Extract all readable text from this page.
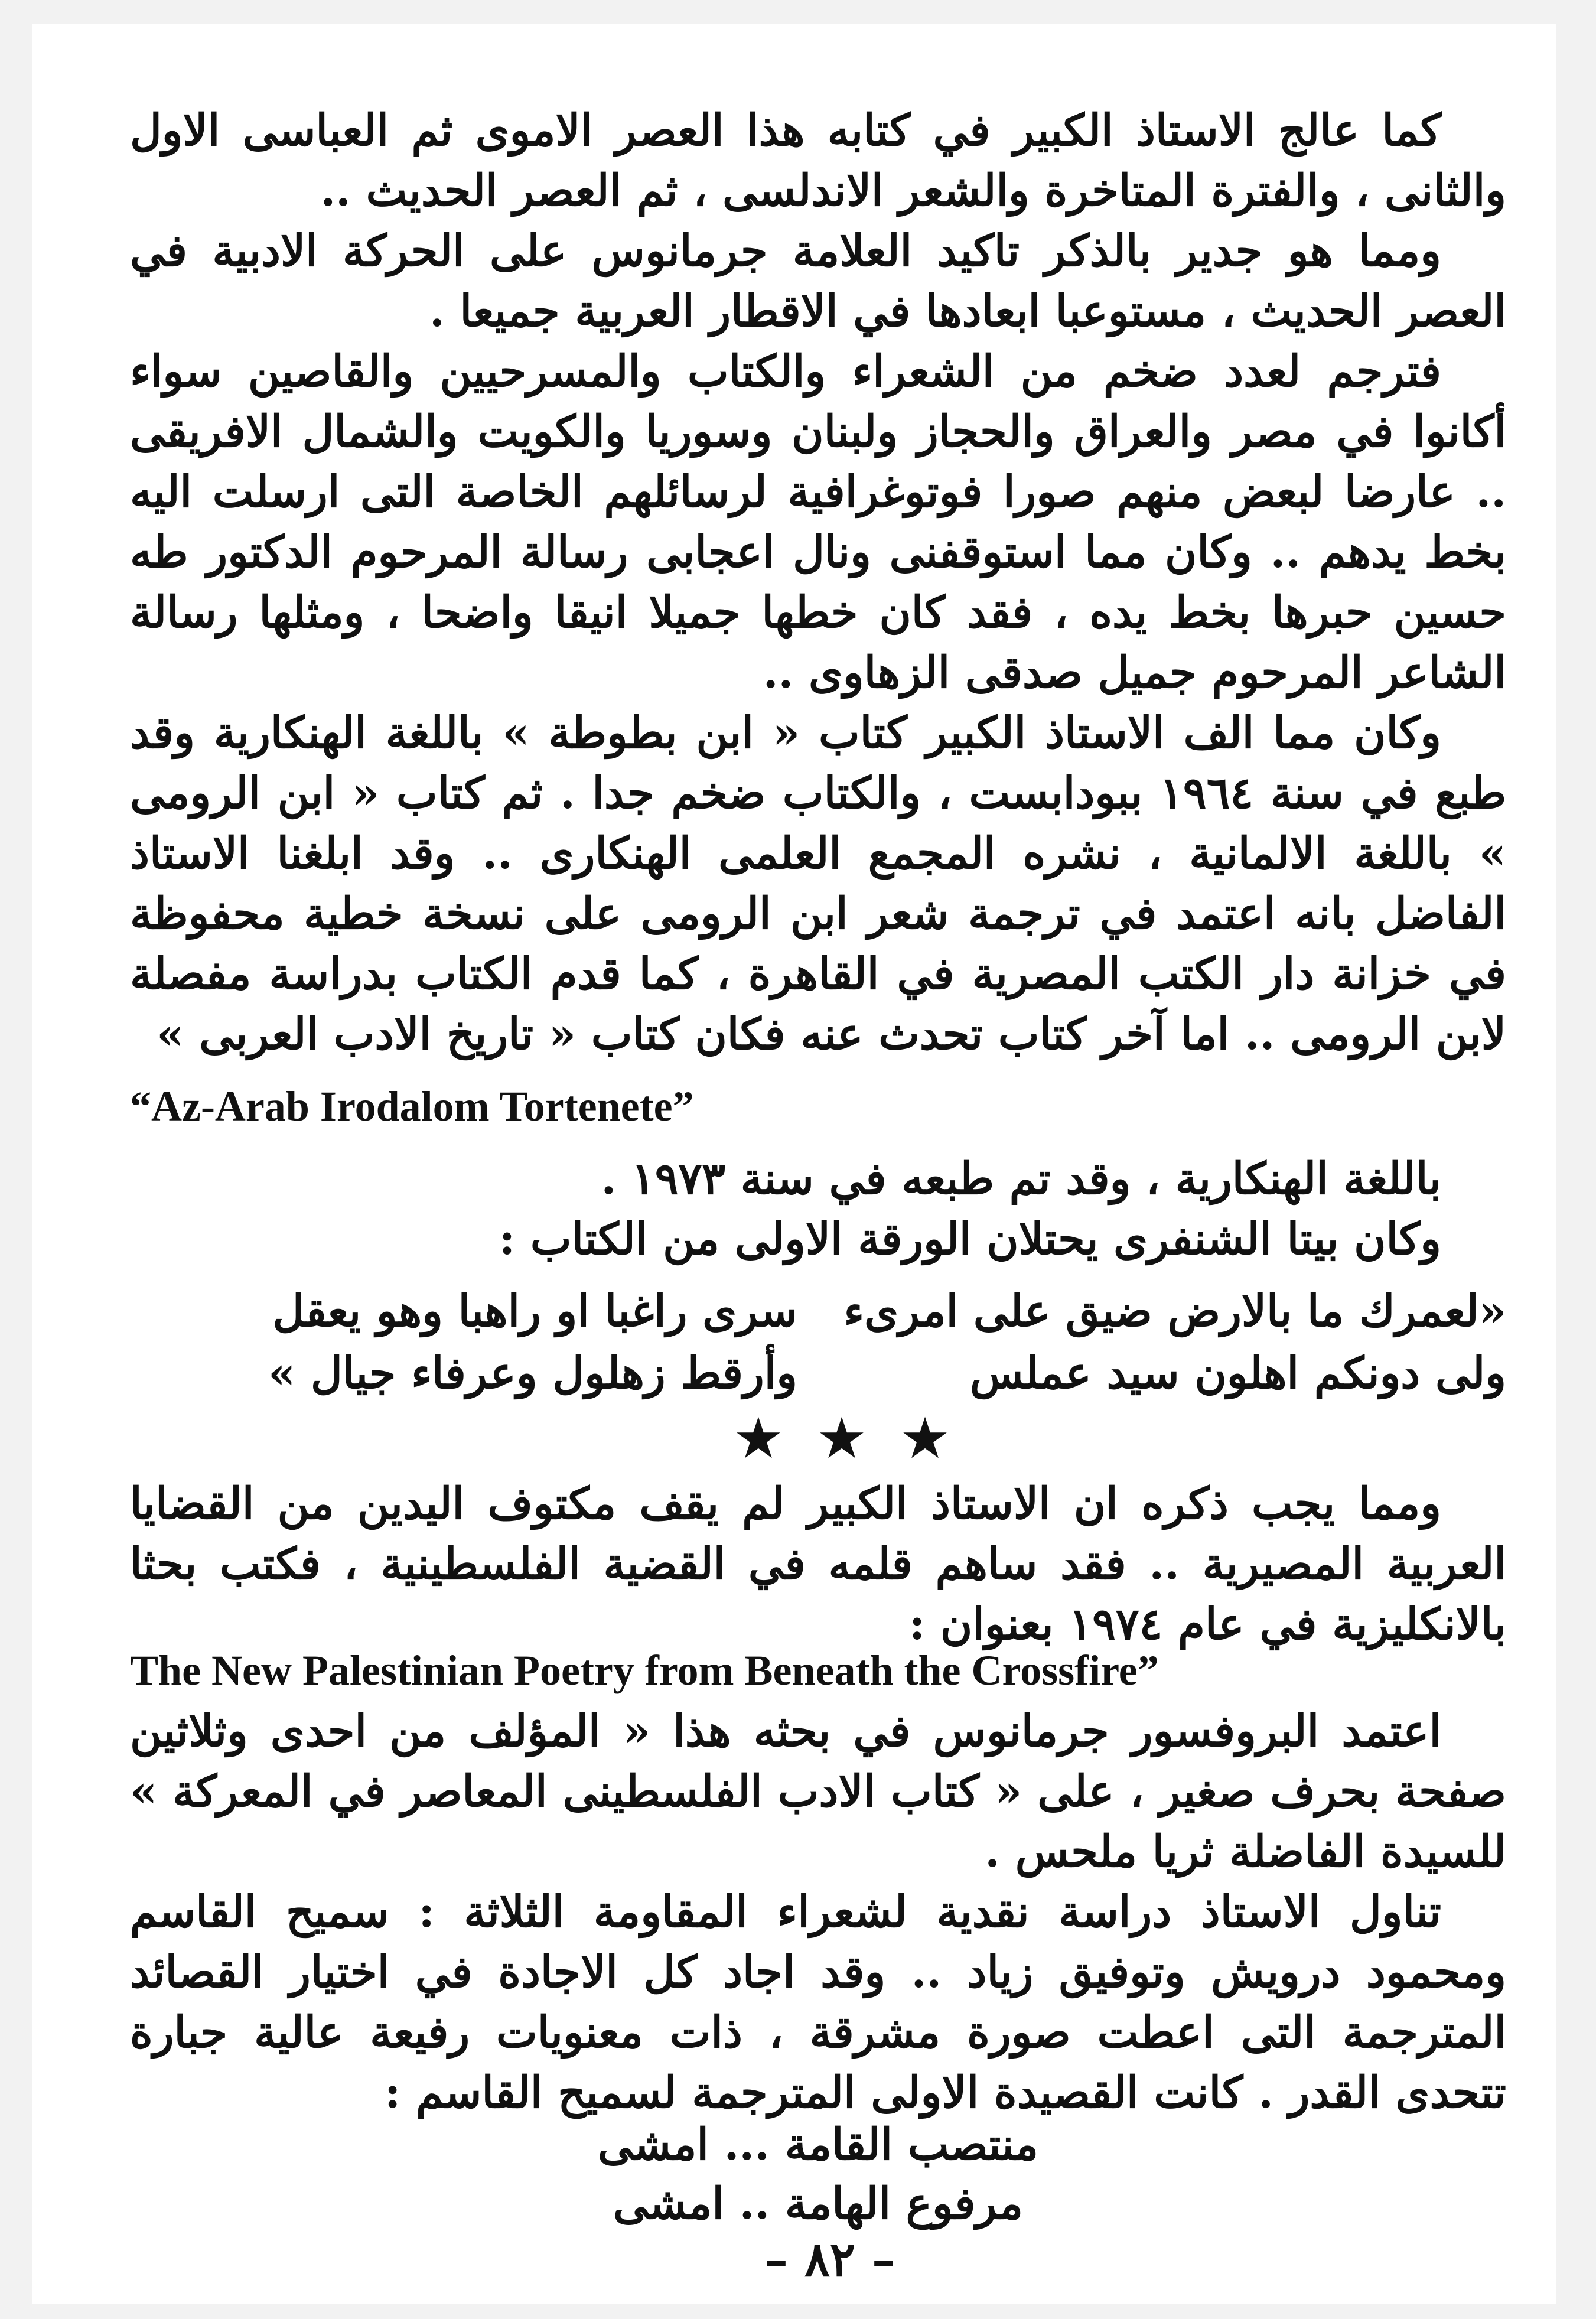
كما عالج الاستاذ الكبير في كتابه هذا العصر الاموى ثم العباسى الاول والثانى ، والفترة المتاخرة والشعر الاندلسى ، ثم العصر الحديث ..

ومما هو جدير بالذكر تاكيد العلامة جرمانوس على الحركة الادبية في العصر الحديث ، مستوعبا ابعادها في الاقطار العربية جميعا .

فترجم لعدد ضخم من الشعراء والكتاب والمسرحيين والقاصين سواء أكانوا في مصر والعراق والحجاز ولبنان وسوريا والكويت والشمال الافريقى .. عارضا لبعض منهم صورا فوتوغرافية لرسائلهم الخاصة التى ارسلت اليه بخط يدهم .. وكان مما استوقفنى ونال اعجابى رسالة المرحوم الدكتور طه حسين حبرها بخط يده ، فقد كان خطها جميلا انيقا واضحا ، ومثلها رسالة الشاعر المرحوم جميل صدقى الزهاوى ..

وكان مما الف الاستاذ الكبير كتاب « ابن بطوطة » باللغة الهنكارية وقد طبع في سنة ١٩٦٤ ببودابست ، والكتاب ضخم جدا . ثم كتاب « ابن الرومى » باللغة الالمانية ، نشره المجمع العلمى الهنكارى .. وقد ابلغنا الاستاذ الفاضل بانه اعتمد في ترجمة شعر ابن الرومى على نسخة خطية محفوظة في خزانة دار الكتب المصرية في القاهرة ، كما قدم الكتاب بدراسة مفصلة لابن الرومى .. اما آخر كتاب تحدث عنه فكان كتاب « تاريخ الادب العربى »

“Az-Arab Irodalom Tortenete”

باللغة الهنكارية ، وقد تم طبعه في سنة ١٩٧٣ .

وكان بيتا الشنفرى يحتلان الورقة الاولى من الكتاب :

«لعمرك ما بالارض ضيق على امرىء
سرى راغبا او راهبا وهو يعقل
ولى دونكم اهلون سيد عملس
وأرقط زهلول وعرفاء جيال »
★ ★ ★

ومما يجب ذكره ان الاستاذ الكبير لم يقف مكتوف اليدين من القضايا العربية المصيرية .. فقد ساهم قلمه في القضية الفلسطينية ، فكتب بحثا بالانكليزية في عام ١٩٧٤ بعنوان :

The New Palestinian Poetry from Beneath the Crossfire”

اعتمد البروفسور جرمانوس في بحثه هذا « المؤلف من احدى وثلاثين صفحة بحرف صغير ، على « كتاب الادب الفلسطينى المعاصر في المعركة » للسيدة الفاضلة ثريا ملحس .

تناول الاستاذ دراسة نقدية لشعراء المقاومة الثلاثة : سميح القاسم ومحمود درويش وتوفيق زياد .. وقد اجاد كل الاجادة في اختيار القصائد المترجمة التى اعطت صورة مشرقة ، ذات معنويات رفيعة عالية جبارة تتحدى القدر . كانت القصيدة الاولى المترجمة لسميح القاسم :

منتصب القامة ... امشى

مرفوع الهامة .. امشى

– ٨٢ –
